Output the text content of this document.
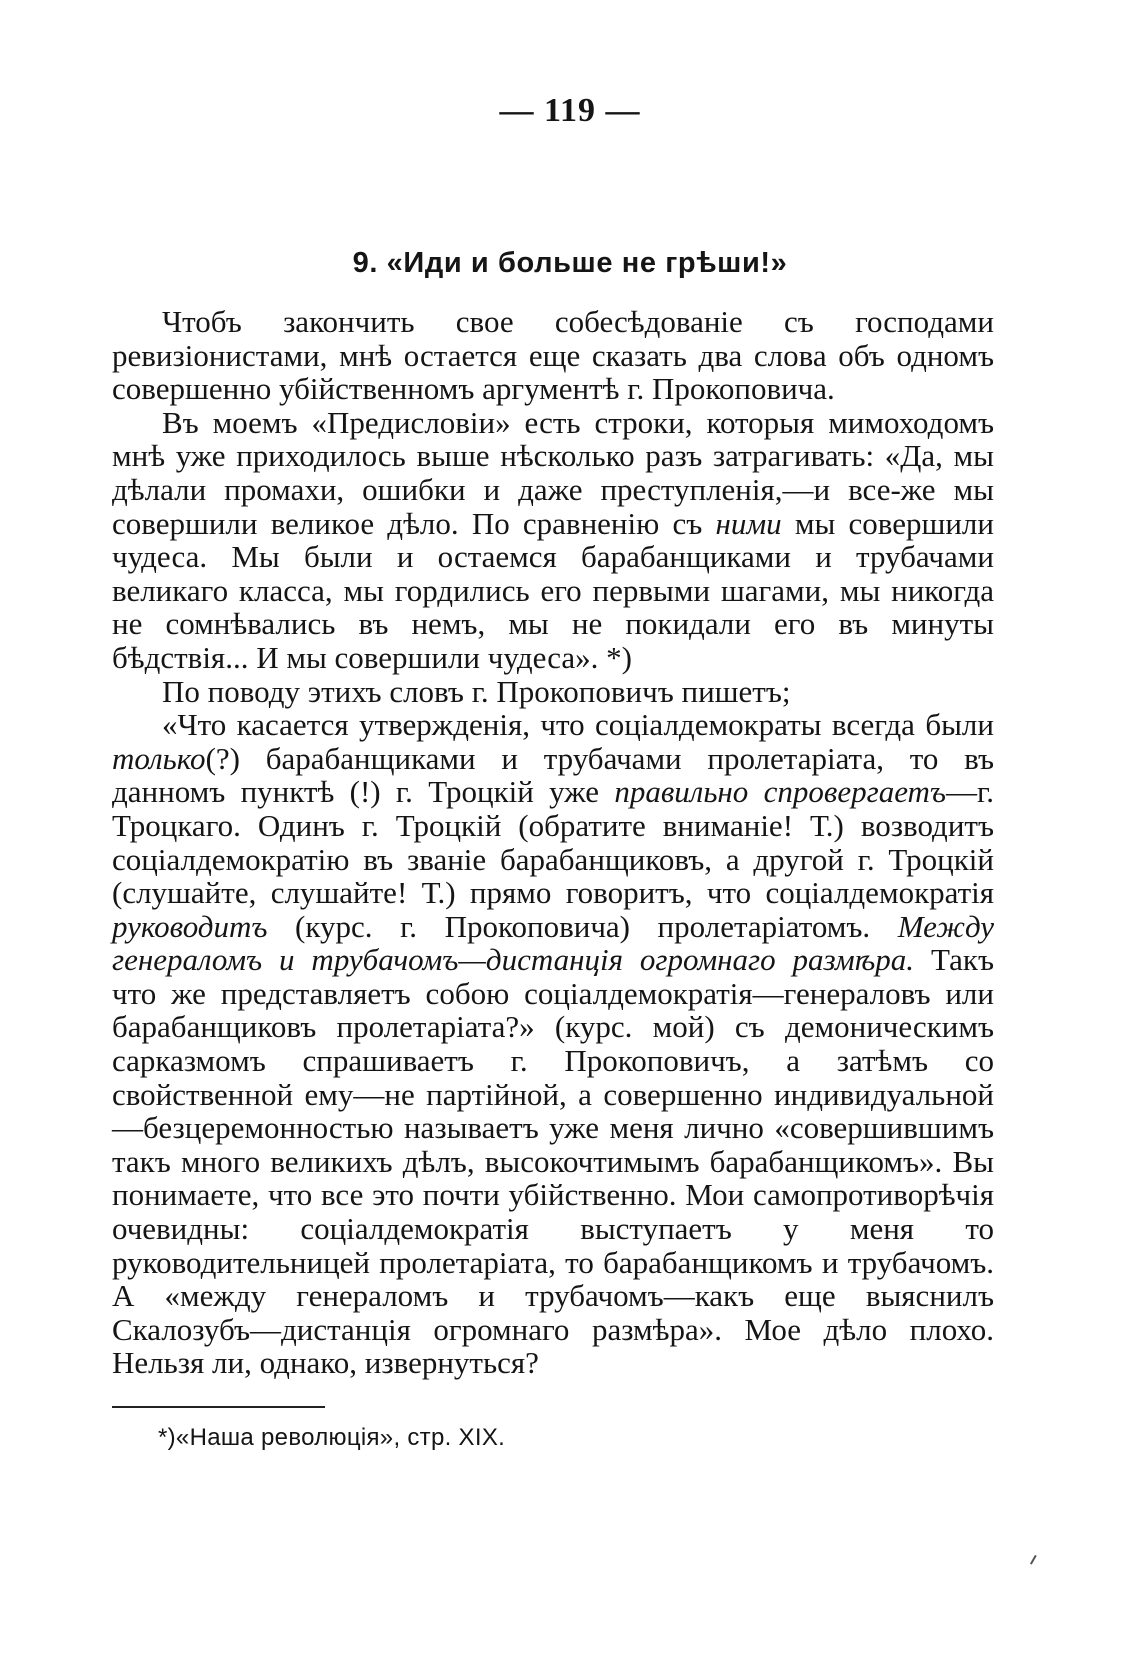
— 119 —
9. «Иди и больше не грѣши!»

Чтобъ закончить свое собесѣдованіе съ господами ревизіонистами, мнѣ остается еще сказать два слова объ одномъ совершенно убійственномъ аргументѣ г. Прокоповича.

Въ моемъ «Предисловіи» есть строки, которыя мимоходомъ мнѣ уже приходилось выше нѣсколько разъ затрагивать: «Да, мы дѣлали промахи, ошибки и даже преступленія,—и все-же мы совершили великое дѣло. По сравненію съ ними мы совершили чудеса. Мы были и остаемся барабанщиками и трубачами великаго класса, мы гордились его первыми шагами, мы никогда не сомнѣвались въ немъ, мы не покидали его въ минуты бѣдствія... И мы совершили чудеса». *)

По поводу этихъ словъ г. Прокоповичъ пишетъ;

«Что касается утвержденія, что соціалдемократы всегда были только(?) барабанщиками и трубачами пролетаріата, то въ данномъ пунктѣ (!) г. Троцкій уже правильно спровергаетъ—г. Троцкаго. Одинъ г. Троцкій (обратите вниманіе! Т.) возводитъ соціалдемократію въ званіе барабанщиковъ, а другой г. Троцкій (слушайте, слушайте! Т.) прямо говоритъ, что соціалдемократія руководитъ (курс. г. Прокоповича) пролетаріатомъ. Между генераломъ и трубачомъ—дистанція огромнаго размѣра. Такъ что же представляетъ собою соціалдемократія—генераловъ или барабанщиковъ пролетаріата?» (курс. мой) съ демоническимъ сарказмомъ спрашиваетъ г. Прокоповичъ, а затѣмъ со свойственной ему—не партійной, а совершенно индивидуальной—безцеремонностью называетъ уже меня лично «совершившимъ такъ много великихъ дѣлъ, высокочтимымъ барабанщикомъ». Вы понимаете, что все это почти убійственно. Мои самопротиворѣчія очевидны: соціалдемократія выступаетъ у меня то руководительницей пролетаріата, то барабанщикомъ и трубачомъ. А «между генераломъ и трубачомъ—какъ еще выяснилъ Скалозубъ—дистанція огромнаго размѣра». Мое дѣло плохо. Нельзя ли, однако, извернуться?

*)«Наша революція», стр. XIX.
